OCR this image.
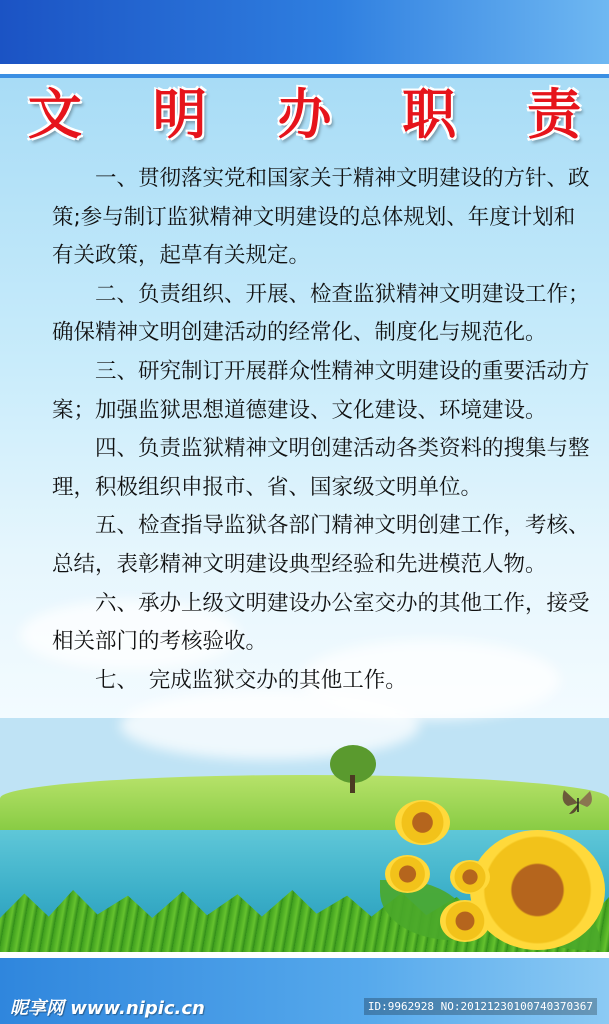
文 明 办 职 责

一、贯彻落实党和国家关于精神文明建设的方针、政策;参与制订监狱精神文明建设的总体规划、年度计划和有关政策，起草有关规定。

二、负责组织、开展、检查监狱精神文明建设工作；确保精神文明创建活动的经常化、制度化与规范化。

三、研究制订开展群众性精神文明建设的重要活动方案；加强监狱思想道德建设、文化建设、环境建设。

四、负责监狱精神文明创建活动各类资料的搜集与整理，积极组织申报市、省、国家级文明单位。

五、检查指导监狱各部门精神文明创建工作，考核、总结，表彰精神文明建设典型经验和先进模范人物。

六、承办上级文明建设办公室交办的其他工作，接受相关部门的考核验收。

七、　完成监狱交办的其他工作。

昵享网 www.nipic.cn	ID:9962928 NO:20121230100740370367
